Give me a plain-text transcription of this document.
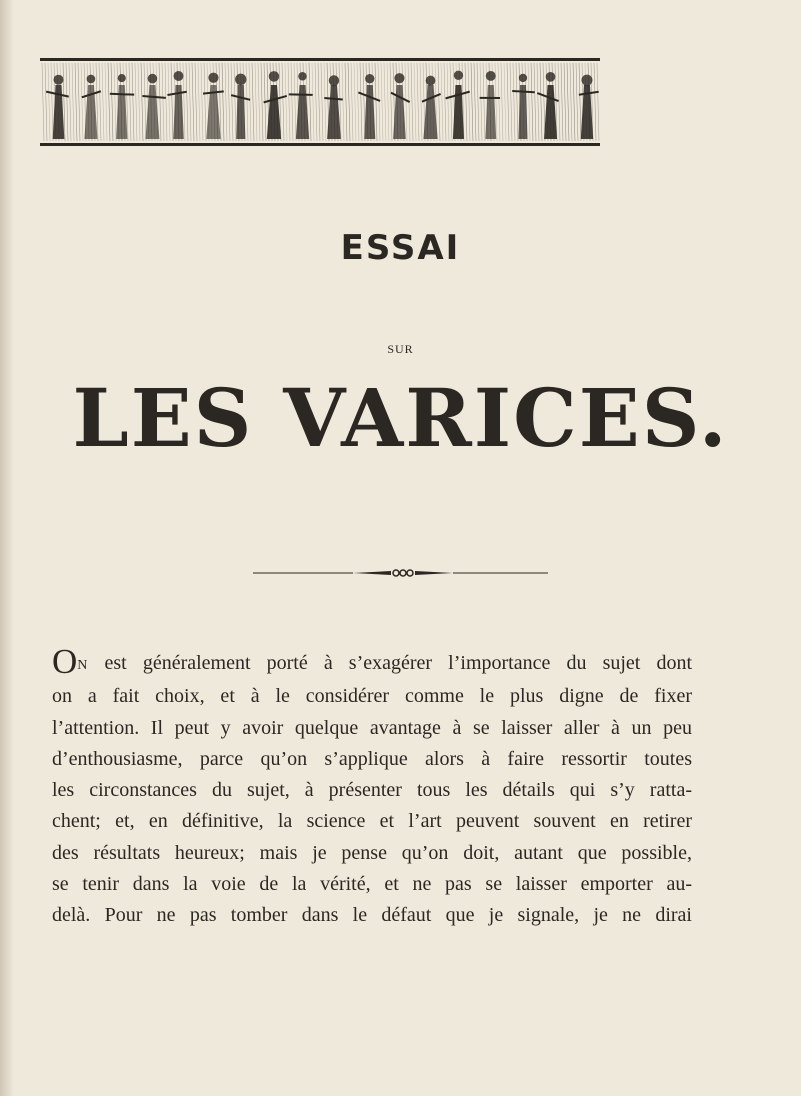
ESSAI
SUR
LES VARICES.
ON est généralement porté à s’exagérer l’importance du sujet dont
on a fait choix, et à le considérer comme le plus digne de fixer
l’attention. Il peut y avoir quelque avantage à se laisser aller à un peu
d’enthousiasme, parce qu’on s’applique alors à faire ressortir toutes
les circonstances du sujet, à présenter tous les détails qui s’y ratta-
chent; et, en définitive, la science et l’art peuvent souvent en retirer
des résultats heureux; mais je pense qu’on doit, autant que possible,
se tenir dans la voie de la vérité, et ne pas se laisser emporter au-
delà. Pour ne pas tomber dans le défaut que je signale, je ne dirai
